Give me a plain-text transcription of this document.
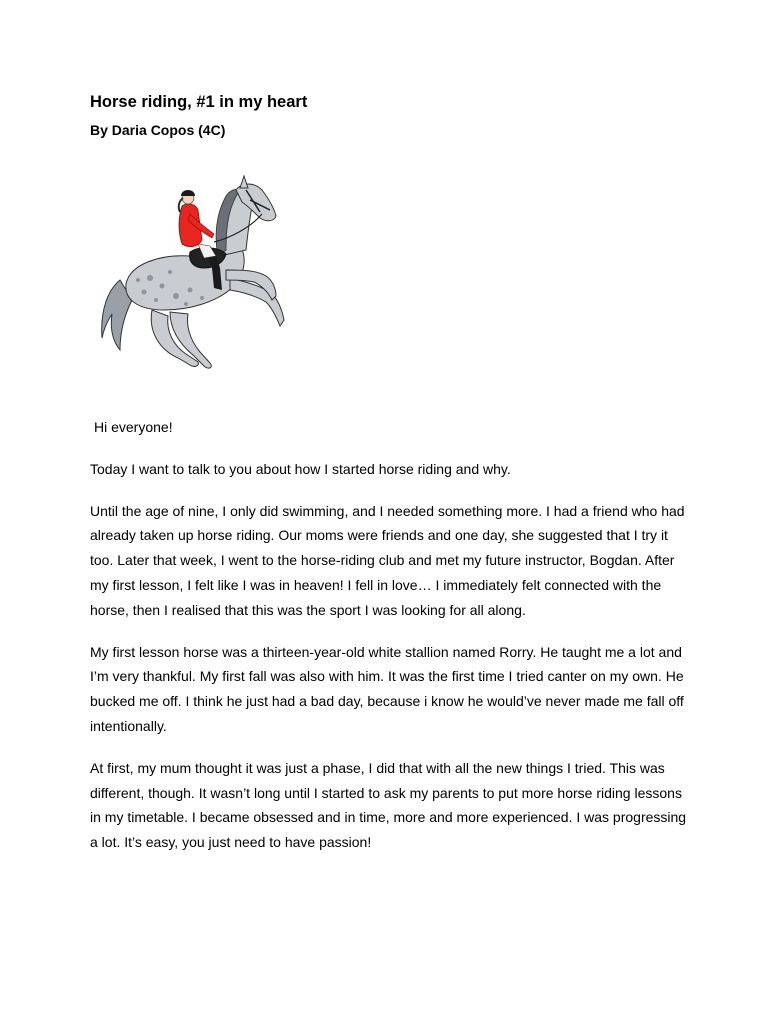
Horse riding, #1 in my heart
By Daria Copos (4C)

Hi everyone!

Today I want to talk to you about how I started horse riding and why.

Until the age of nine, I only did swimming, and I needed something more. I had a friend who had already taken up horse riding. Our moms were friends and one day, she suggested that I try it too. Later that week, I went to the horse-riding club and met my future instructor, Bogdan. After my first lesson, I felt like I was in heaven! I fell in love… I immediately felt connected with the horse, then I realised that this was the sport I was looking for all along.

My first lesson horse was a thirteen-year-old white stallion named Rorry. He taught me a lot and I’m very thankful. My first fall was also with him. It was the first time I tried canter on my own. He bucked me off. I think he just had a bad day, because i know he would’ve never made me fall off intentionally.

At first, my mum thought it was just a phase, I did that with all the new things I tried. This was different, though. It wasn’t long until I started to ask my parents to put more horse riding lessons in my timetable. I became obsessed and in time, more and more experienced. I was progressing a lot. It’s easy, you just need to have passion!
